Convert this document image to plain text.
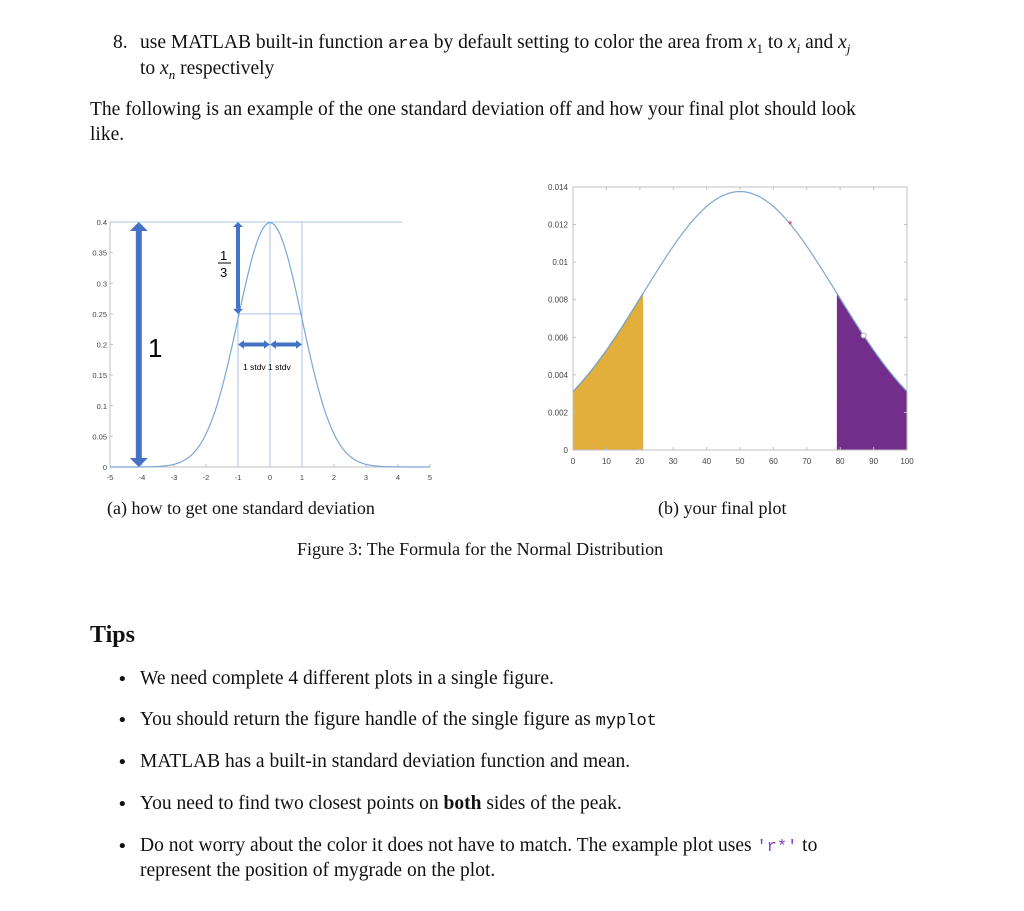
8. use MATLAB built-in function area by default setting to color the area from $x_1$ to $x_i$ and $x_j$
to $x_n$ respectively
The following is an example of the one standard deviation off and how your final plot should look
like.
0
0.05
0.1
0.15
0.2
0.25
0.3
0.35
0.4
-5	-4	-3	-2	-1	0	1	2	3	4	5
1
1
3
1 stdv 1 stdv
0
0.002
0.004
0.006
0.008
0.01
0.012
0.014
0	10	20	30	40	50	60	70	80	90	100
*
(a) how to get one standard deviation	(b) your final plot
Figure 3: The Formula for the Normal Distribution
Tips
• We need complete 4 different plots in a single figure.
• You should return the figure handle of the single figure as myplot
• MATLAB has a built-in standard deviation function and mean.
• You need to find two closest points on both sides of the peak.
• Do not worry about the color it does not have to match. The example plot uses 'r*' to
represent the position of mygrade on the plot.
